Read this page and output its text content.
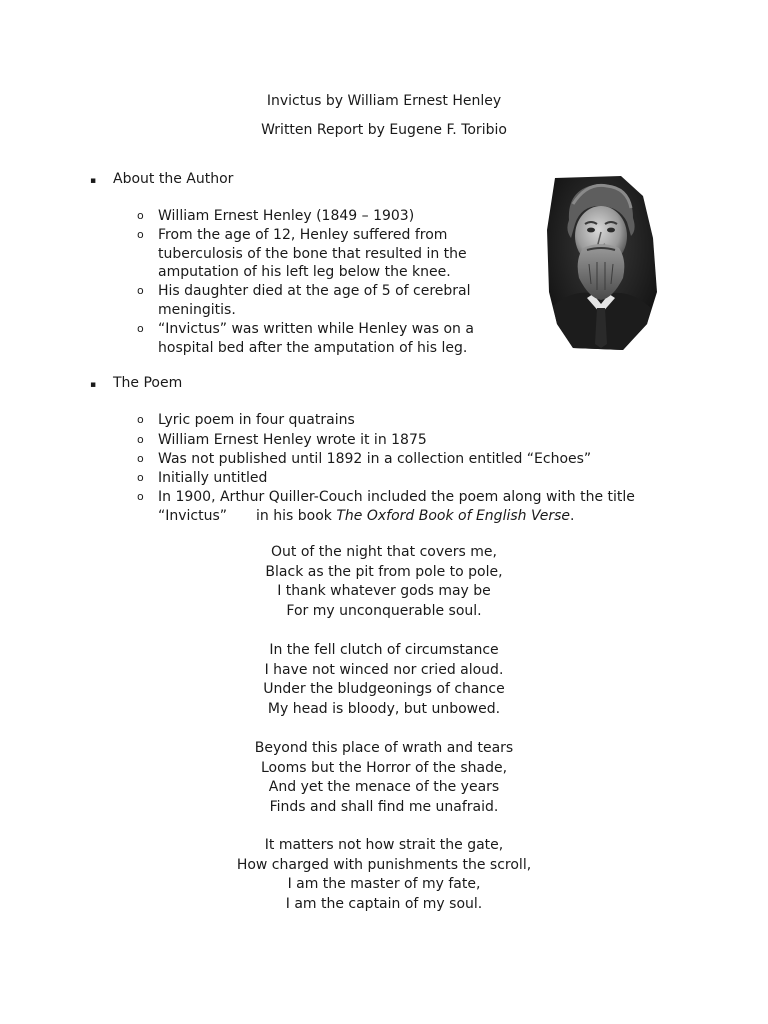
Invictus by William Ernest Henley
Written Report by Eugene F. Toribio
▪ About the Author
o William Ernest Henley (1849 – 1903)
o From the age of 12, Henley suffered from
tuberculosis of the bone that resulted in the
amputation of his left leg below the knee.
o His daughter died at the age of 5 of cerebral
meningitis.
o “Invictus” was written while Henley was on a
hospital bed after the amputation of his leg.
▪ The Poem
o Lyric poem in four quatrains
o William Ernest Henley wrote it in 1875
o Was not published until 1892 in a collection entitled “Echoes”
o Initially untitled
o In 1900, Arthur Quiller-Couch included the poem along with the title
“Invictus” in his book The Oxford Book of English Verse.
Out of the night that covers me,
Black as the pit from pole to pole,
I thank whatever gods may be
For my unconquerable soul.
In the fell clutch of circumstance
I have not winced nor cried aloud.
Under the bludgeonings of chance
My head is bloody, but unbowed.
Beyond this place of wrath and tears
Looms but the Horror of the shade,
And yet the menace of the years
Finds and shall find me unafraid.
It matters not how strait the gate,
How charged with punishments the scroll,
I am the master of my fate,
I am the captain of my soul.
